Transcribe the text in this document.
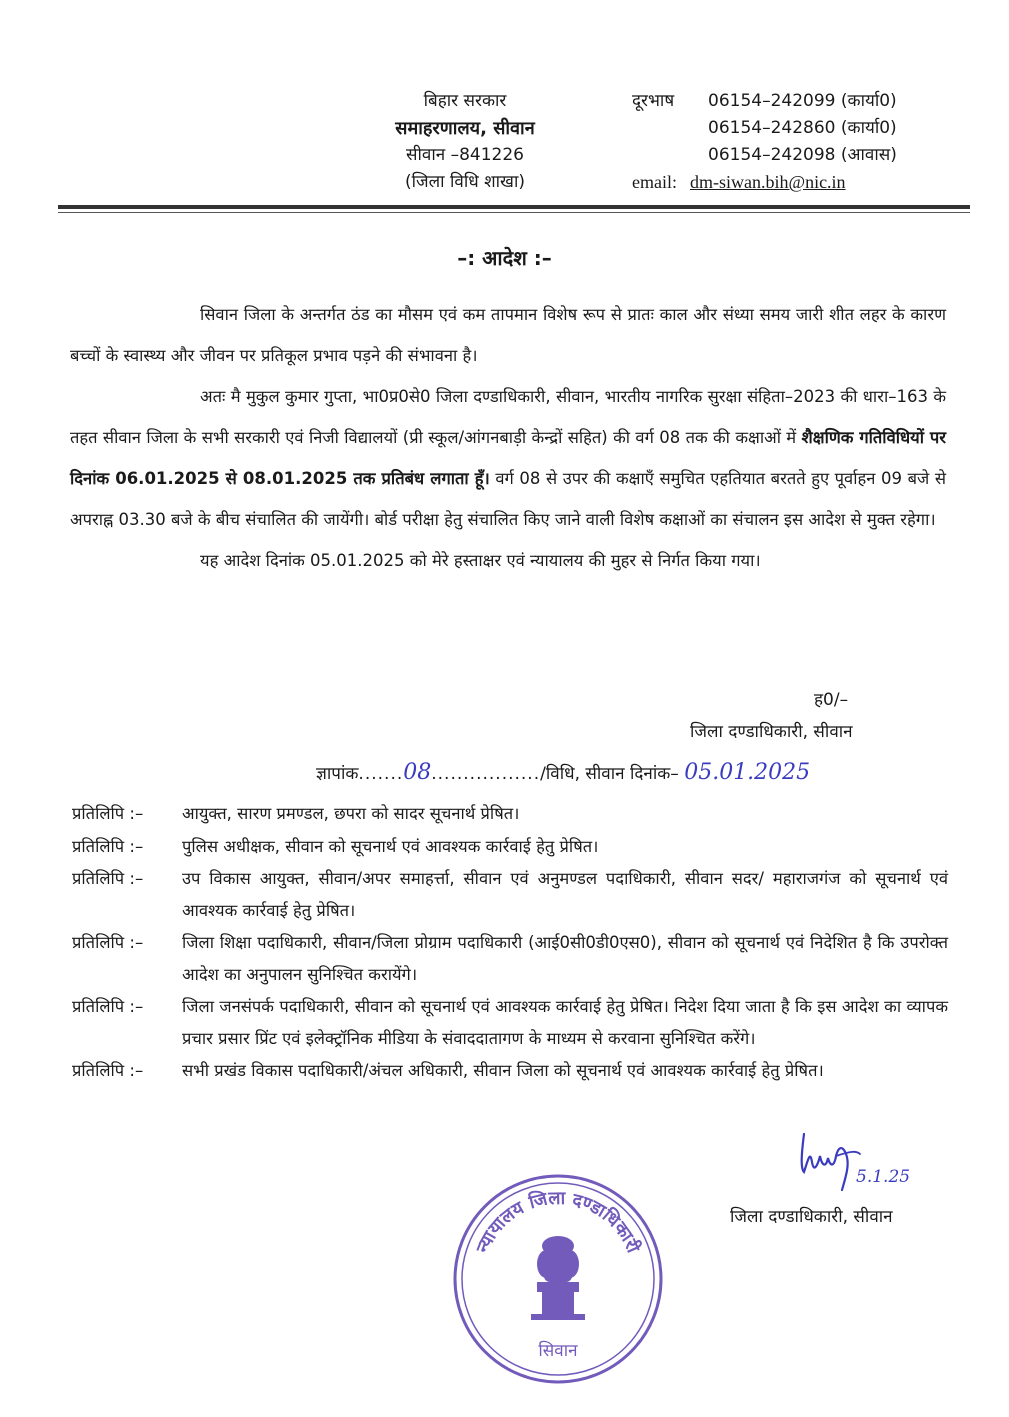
बिहार सरकार
समाहरणालय, सीवान
सीवान –841226
(जिला विधि शाखा)
दूरभाष	06154–242099 (कार्या0)
06154–242860 (कार्या0)
06154–242098 (आवास)
email: dm-siwan.bih@nic.in
–: आदेश :–

सिवान जिला के अन्तर्गत ठंड का मौसम एवं कम तापमान विशेष रूप से प्रातः काल और संध्या समय जारी शीत लहर के कारण बच्चों के स्वास्थ्य और जीवन पर प्रतिकूल प्रभाव पड़ने की संभावना है।

अतः मै मुकुल कुमार गुप्ता, भा0प्र0से0 जिला दण्डाधिकारी, सीवान, भारतीय नागरिक सुरक्षा संहिता–2023 की धारा–163 के तहत सीवान जिला के सभी सरकारी एवं निजी विद्यालयों (प्री स्कूल/आंगनबाड़ी केन्द्रों सहित) की वर्ग 08 तक की कक्षाओं में शैक्षणिक गतिविधियों पर दिनांक 06.01.2025 से 08.01.2025 तक प्रतिबंध लगाता हूँ। वर्ग 08 से उपर की कक्षाएँ समुचित एहतियात बरतते हुए पूर्वाहन 09 बजे से अपराह्न 03.30 बजे के बीच संचालित की जायेंगी। बोर्ड परीक्षा हेतु संचालित किए जाने वाली विशेष कक्षाओं का संचालन इस आदेश से मुक्त रहेगा।

यह आदेश दिनांक 05.01.2025 को मेरे हस्ताक्षर एवं न्यायालय की मुहर से निर्गत किया गया।

ह0/–
जिला दण्डाधिकारी, सीवान
ज्ञापांक.......08................./विधि, सीवान दिनांक– 05.01.2025
प्रतिलिपि :–	आयुक्त, सारण प्रमण्डल, छपरा को सादर सूचनार्थ प्रेषित।
प्रतिलिपि :–	पुलिस अधीक्षक, सीवान को सूचनार्थ एवं आवश्यक कार्रवाई हेतु प्रेषित।
प्रतिलिपि :–	उप विकास आयुक्त, सीवान/अपर समाहर्त्ता, सीवान एवं अनुमण्डल पदाधिकारी, सीवान सदर/ महाराजगंज को सूचनार्थ एवं आवश्यक कार्रवाई हेतु प्रेषित।
प्रतिलिपि :–	जिला शिक्षा पदाधिकारी, सीवान/जिला प्रोग्राम पदाधिकारी (आई0सी0डी0एस0), सीवान को सूचनार्थ एवं निदेशित है कि उपरोक्त आदेश का अनुपालन सुनिश्चित करायेंगे।
प्रतिलिपि :–	जिला जनसंपर्क पदाधिकारी, सीवान को सूचनार्थ एवं आवश्यक कार्रवाई हेतु प्रेषित। निदेश दिया जाता है कि इस आदेश का व्यापक प्रचार प्रसार प्रिंट एवं इलेक्ट्रॉनिक मीडिया के संवाददातागण के माध्यम से करवाना सुनिश्चित करेंगे।
प्रतिलिपि :–	सभी प्रखंड विकास पदाधिकारी/अंचल अधिकारी, सीवान जिला को सूचनार्थ एवं आवश्यक कार्रवाई हेतु प्रेषित।
5.1.25
जिला दण्डाधिकारी, सीवान
न्यायालय जिला दण्डाधिकारी
सिवान
